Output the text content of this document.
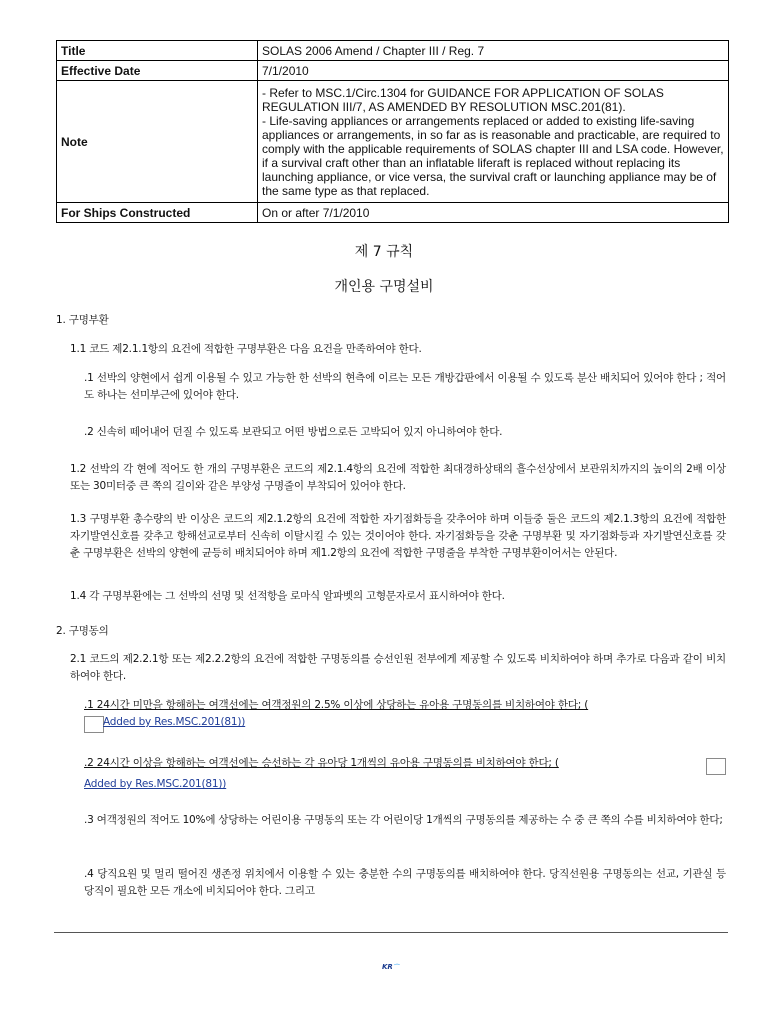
Title	SOLAS 2006 Amend / Chapter III / Reg. 7
Effective Date	7/1/2010
Note	- Refer to MSC.1/Circ.1304 for GUIDANCE FOR APPLICATION OF SOLAS REGULATION III/7, AS AMENDED BY RESOLUTION MSC.201(81).
- Life-saving appliances or arrangements replaced or added to existing life-saving appliances or arrangements, in so far as is reasonable and practicable, are required to comply with the applicable requirements of SOLAS chapter III and LSA code. However, if a survival craft other than an inflatable liferaft is replaced without replacing its launching appliance, or vice versa, the survival craft or launching appliance may be of the same type as that replaced.
For Ships Constructed	On or after 7/1/2010
제 7 규칙
개인용 구명설비
1. 구명부환
1.1 코드 제2.1.1항의 요건에 적합한 구명부환은 다음 요건을 만족하여야 한다.
.1 선박의 양현에서 쉽게 이용될 수 있고 가능한 한 선박의 현측에 이르는 모든 개방갑판에서 이용될 수 있도록 분산 배치되어 있어야 한다 ; 적어도 하나는 선미부근에 있어야 한다.
.2 신속히 떼어내어 던질 수 있도록 보관되고 어떤 방법으로든 고박되어 있지 아니하여야 한다.
1.2 선박의 각 현에 적어도 한 개의 구명부환은 코드의 제2.1.4항의 요건에 적합한 최대경하상태의 흘수선상에서 보관위치까지의 높이의 2배 이상 또는 30미터중 큰 쪽의 길이와 같은 부양성 구명줄이 부착되어 있어야 한다.
1.3 구명부환 총수량의 반 이상은 코드의 제2.1.2항의 요건에 적합한 자기점화등을 갖추어야 하며 이들중 둘은 코드의 제2.1.3항의 요건에 적합한 자기발연신호를 갖추고 항해선교로부터 신속히 이탈시킬 수 있는 것이어야 한다. 자기점화등을 갖춘 구명부환 및 자기점화등과 자기발연신호를 갖춘 구명부환은 선박의 양현에 균등히 배치되어야 하며 제1.2항의 요건에 적합한 구명줄을 부착한 구명부환이어서는 안된다.
1.4 각 구명부환에는 그 선박의 선명 및 선적항을 로마식 알파벳의 고형문자로서 표시하여야 한다.
2. 구명동의
2.1 코드의 제2.2.1항 또는 제2.2.2항의 요건에 적합한 구명동의를 승선인원 전부에게 제공할 수 있도록 비치하여야 하며 추가로 다음과 같이 비치하여야 한다.
.1 24시간 미만을 항해하는 여객선에는 여객정원의 2.5% 이상에 상당하는 유아용 구명동의를 비치하여야 한다; (
Added by Res.MSC.201(81))
.2 24시간 이상을 항해하는 여객선에는 승선하는 각 유아당 1개씩의 유아용 구명동의를 비치하여야 한다; (
Added by Res.MSC.201(81))
.3 여객정원의 적어도 10%에 상당하는 어린이용 구명동의 또는 각 어린이당 1개씩의 구명동의를 제공하는 수 중 큰 쪽의 수를 비치하여야 한다;
.4 당직요원 및 멀리 떨어진 생존정 위치에서 이용할 수 있는 충분한 수의 구명동의를 배치하여야 한다. 당직선원용 구명동의는 선교, 기관실 등 당직이 필요한 모든 개소에 비치되어야 한다. 그리고
KR⌒
